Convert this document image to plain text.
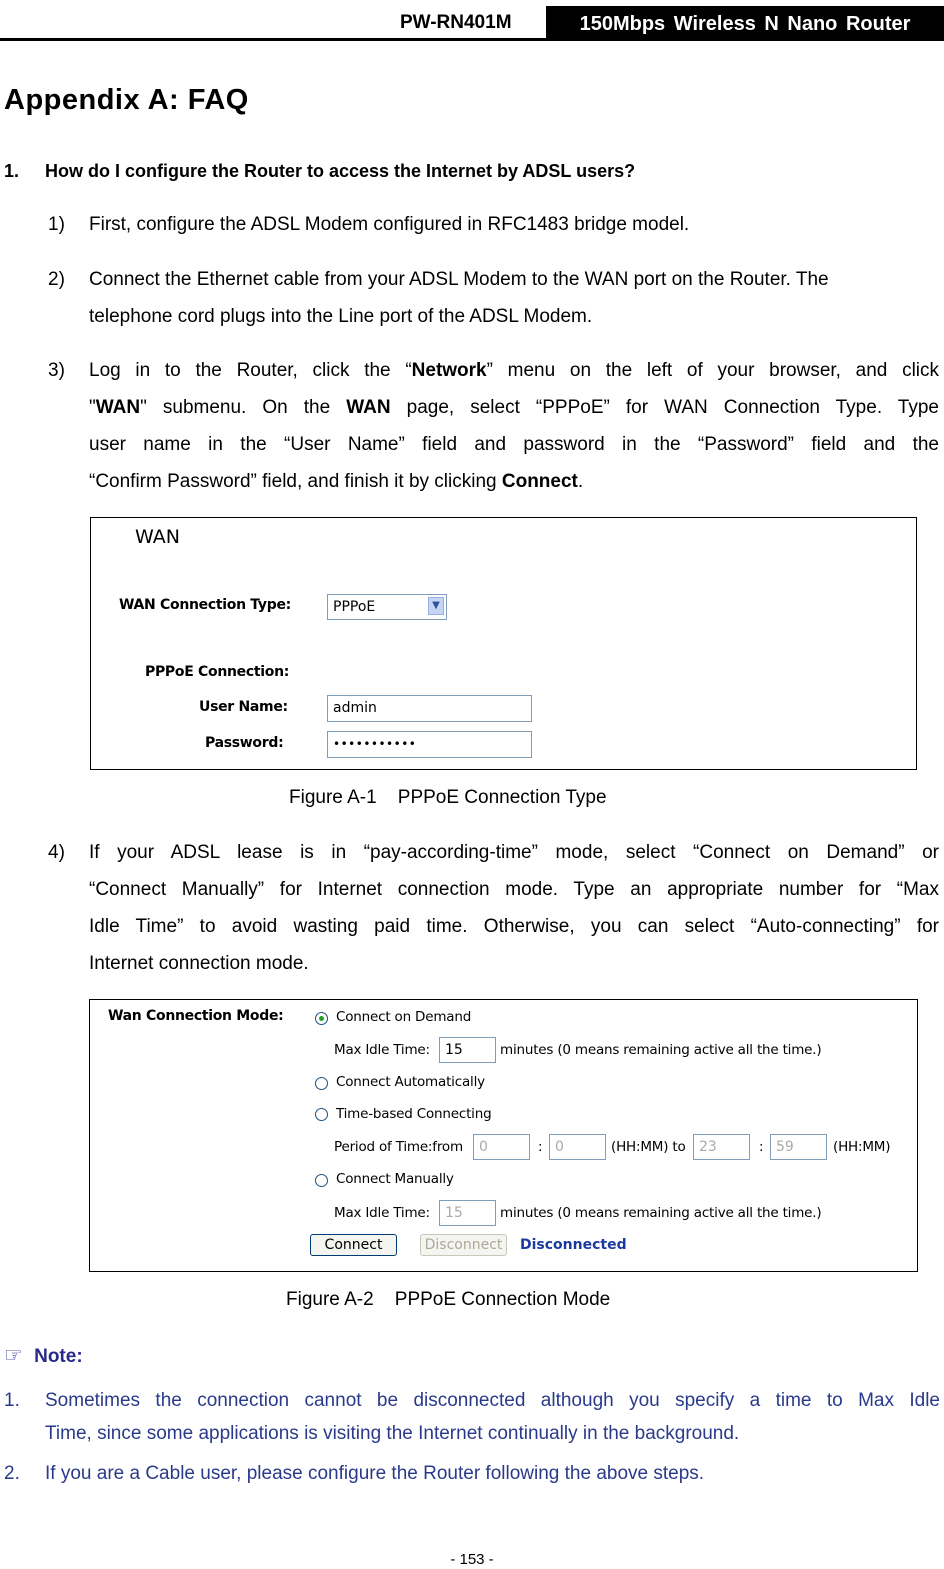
PW-RN401M	150Mbps Wireless N Nano Router
Appendix A: FAQ
1. How do I configure the Router to access the Internet by ADSL users?
1) First, configure the ADSL Modem configured in RFC1483 bridge model.
2) Connect the Ethernet cable from your ADSL Modem to the WAN port on the Router. The
telephone cord plugs into the Line port of the ADSL Modem.
3) Log in to the Router, click the “Network” menu on the left of your browser, and click
"WAN" submenu. On the WAN page, select “PPPoE” for WAN Connection Type. Type
user name in the “User Name” field and password in the “Password” field and the
“Confirm Password” field, and finish it by clicking Connect.
WAN
WAN Connection Type:	PPPoE	▼
PPPoE Connection:
User Name:	admin
Password:	•••••••••••
Figure A-1    PPPoE Connection Type
4) If your ADSL lease is in “pay-according-time” mode, select “Connect on Demand” or
“Connect Manually” for Internet connection mode. Type an appropriate number for “Max
Idle Time” to avoid wasting paid time. Otherwise, you can select “Auto-connecting” for
Internet connection mode.
Wan Connection Mode:	Connect on Demand
Max Idle Time:	15	minutes (0 means remaining active all the time.)
Connect Automatically
Time-based Connecting
Period of Time:from	0	: 0	(HH:MM) to 23	: 59	(HH:MM)
Connect Manually
Max Idle Time:	15	minutes (0 means remaining active all the time.)
Connect	Disconnect	Disconnected
Figure A-2    PPPoE Connection Mode
☞ Note:
1. Sometimes the connection cannot be disconnected although you specify a time to Max Idle
Time, since some applications is visiting the Internet continually in the background.
2. If you are a Cable user, please configure the Router following the above steps.
- 153 -
